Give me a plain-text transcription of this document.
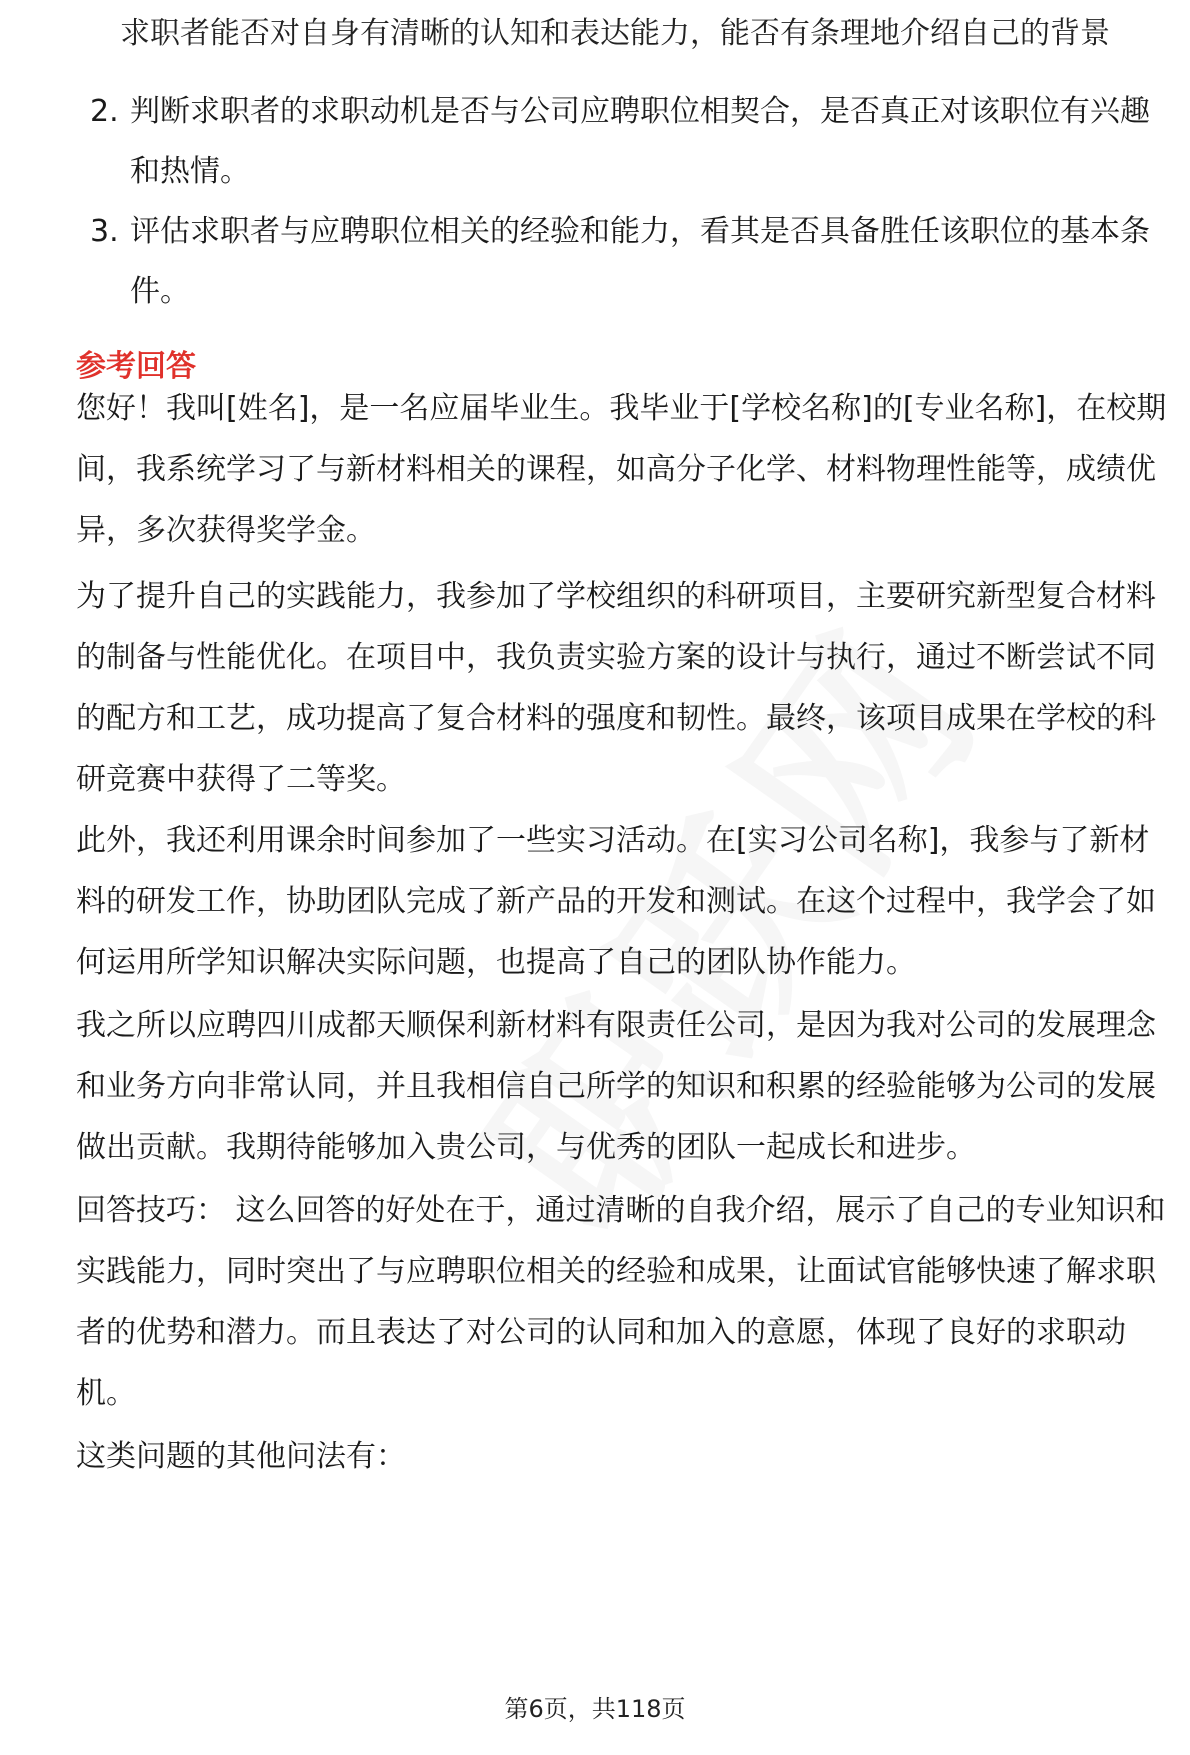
求职者能否对自身有清晰的认知和表达能力，能否有条理地介绍自己的背景
2. 判断求职者的求职动机是否与公司应聘职位相契合，是否真正对该职位有兴趣和热情。
3. 评估求职者与应聘职位相关的经验和能力，看其是否具备胜任该职位的基本条件。
参考回答

您好！我叫[姓名]，是一名应届毕业生。我毕业于[学校名称]的[专业名称]，在校期间，我系统学习了与新材料相关的课程，如高分子化学、材料物理性能等，成绩优异，多次获得奖学金。

为了提升自己的实践能力，我参加了学校组织的科研项目，主要研究新型复合材料的制备与性能优化。在项目中，我负责实验方案的设计与执行，通过不断尝试不同的配方和工艺，成功提高了复合材料的强度和韧性。最终，该项目成果在学校的科研竞赛中获得了二等奖。

此外，我还利用课余时间参加了一些实习活动。在[实习公司名称]，我参与了新材料的研发工作，协助团队完成了新产品的开发和测试。在这个过程中，我学会了如何运用所学知识解决实际问题，也提高了自己的团队协作能力。

我之所以应聘四川成都天顺保利新材料有限责任公司，是因为我对公司的发展理念和业务方向非常认同，并且我相信自己所学的知识和积累的经验能够为公司的发展做出贡献。我期待能够加入贵公司，与优秀的团队一起成长和进步。

回答技巧： 这么回答的好处在于，通过清晰的自我介绍，展示了自己的专业知识和实践能力，同时突出了与应聘职位相关的经验和成果，让面试官能够快速了解求职者的优势和潜力。而且表达了对公司的认同和加入的意愿，体现了良好的求职动机。

这类问题的其他问法有：

第6页，共118页
